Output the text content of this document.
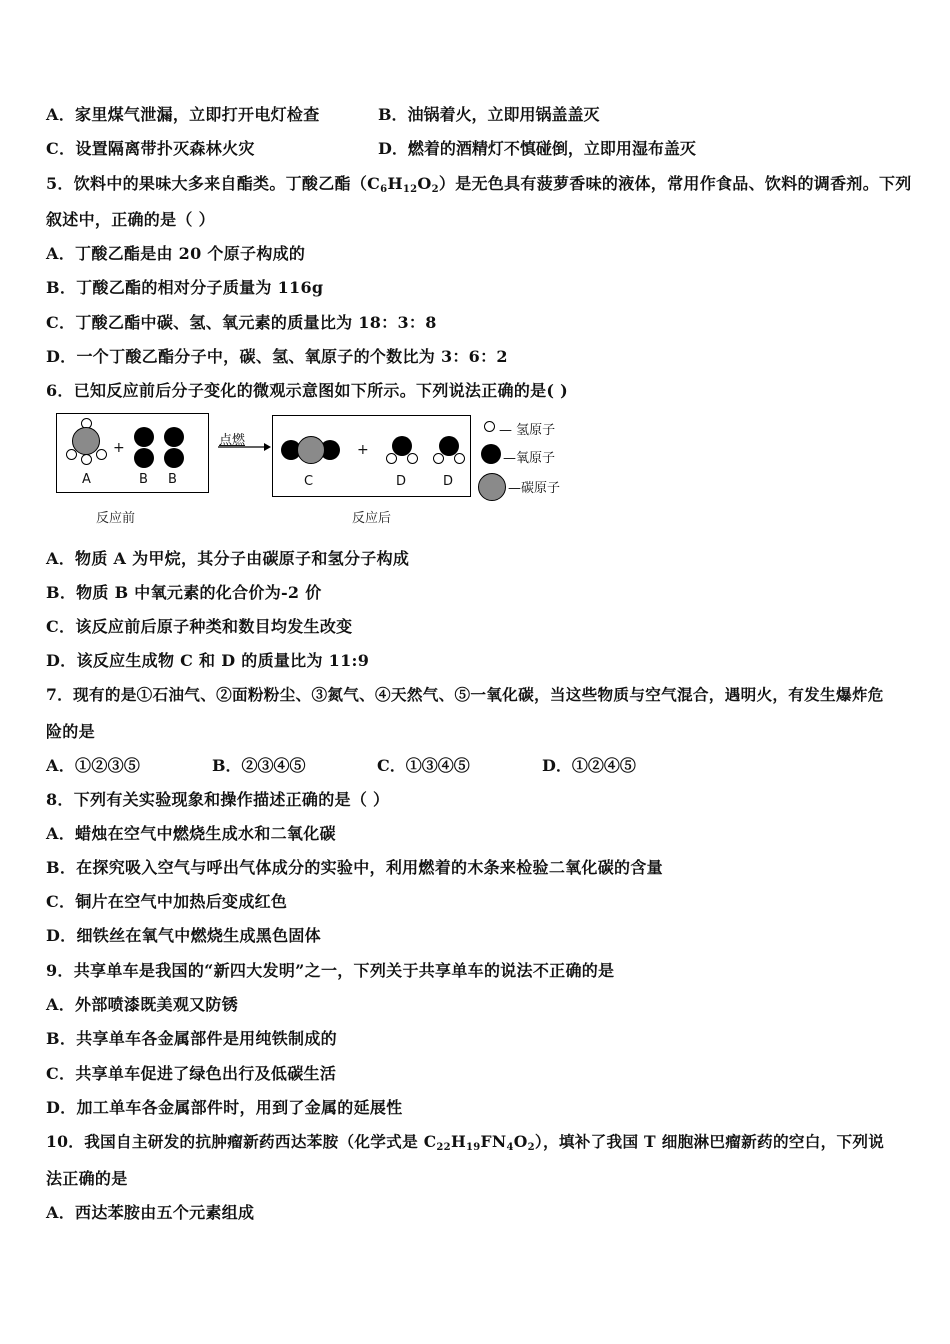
A．家里煤气泄漏，立即打开电灯检查	B．油锅着火，立即用锅盖盖灭
C．设置隔离带扑灭森林火灾	D．燃着的酒精灯不慎碰倒，立即用湿布盖灭
5．饮料中的果味大多来自酯类。丁酸乙酯$(C_6H_{12}O_2)$是无色具有菠萝香味的液体，常用作食品、饮料的调香剂。下列
叙述中，正确的是（ ）
A．丁酸乙酯是由 20 个原子构成的
B．丁酸乙酯的相对分子质量为 116g
C．丁酸乙酯中碳、氢、氧元素的质量比为 18：3：8
D．一个丁酸乙酯分子中，碳、氢、氧原子的个数比为 3：6：2
6．已知反应前后分子变化的微观示意图如下所示。下列说法正确的是( )
A
+
B B
点燃
C
+
D	D
— 氢原子
—氧原子
—碳原子
反应前	反应后
A．物质 A 为甲烷，其分子由碳原子和氢分子构成
B．物质 B 中氧元素的化合价为-2 价
C．该反应前后原子种类和数目均发生改变
D．该反应生成物 C 和 D 的质量比为 11:9
7．现有的是①石油气、②面粉粉尘、③氮气、④天然气、⑤一氧化碳，当这些物质与空气混合，遇明火，有发生爆炸危
险的是
A．①②③⑤	B．②③④⑤	C．①③④⑤	D．①②④⑤
8．下列有关实验现象和操作描述正确的是（ ）
A．蜡烛在空气中燃烧生成水和二氧化碳
B．在探究吸入空气与呼出气体成分的实验中，利用燃着的木条来检验二氧化碳的含量
C．铜片在空气中加热后变成红色
D．细铁丝在氧气中燃烧生成黑色固体
9．共享单车是我国的“新四大发明”之一，下列关于共享单车的说法不正确的是
A．外部喷漆既美观又防锈
B．共享单车各金属部件是用纯铁制成的
C．共享单车促进了绿色出行及低碳生活
D．加工单车各金属部件时，用到了金属的延展性
10．我国自主研发的抗肿瘤新药西达苯胺（化学式是 $C_{22}H_{19}FN_4O_2$），填补了我国 T 细胞淋巴瘤新药的空白，下列说
法正确的是
A．西达苯胺由五个元素组成
